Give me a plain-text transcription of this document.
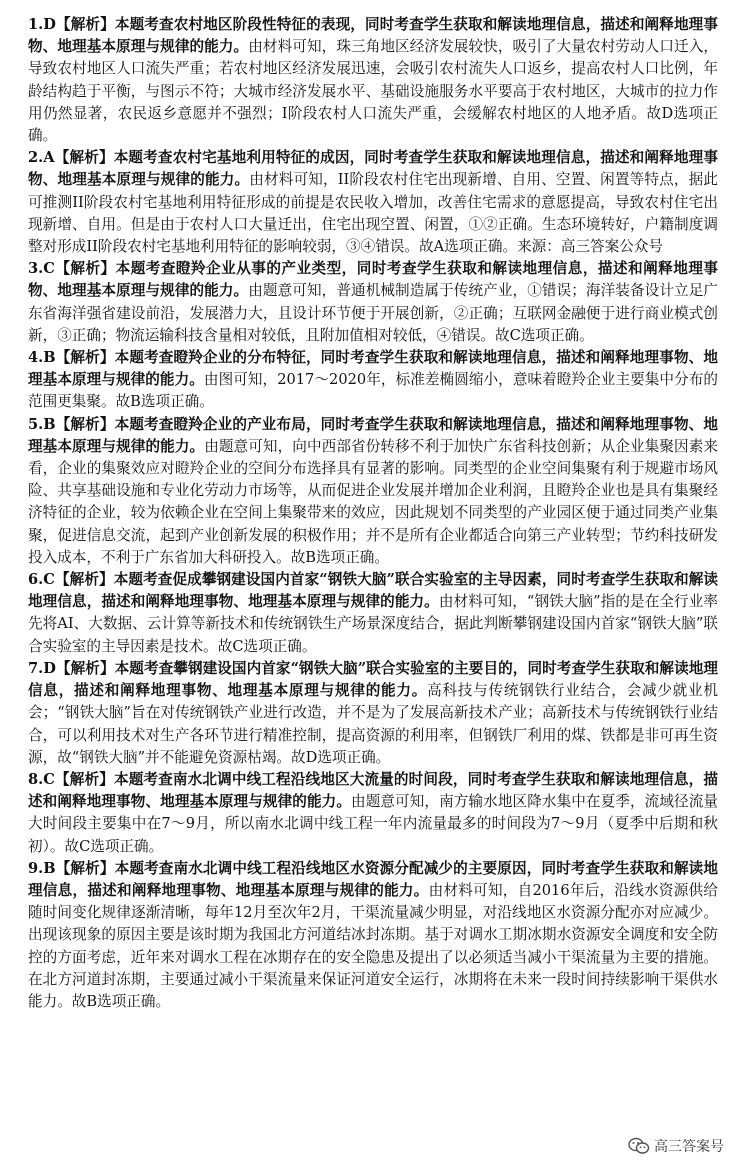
1.D【解析】本题考查农村地区阶段性特征的表现，同时考查学生获取和解读地理信息，描述和阐释地理事物、地理基本原理与规律的能力。由材料可知，珠三角地区经济发展较快，吸引了大量农村劳动人口迁入，导致农村地区人口流失严重；若农村地区经济发展迅速，会吸引农村流失人口返乡，提高农村人口比例，年龄结构趋于平衡，与图示不符；大城市经济发展水平、基础设施服务水平要高于农村地区，大城市的拉力作用仍然显著，农民返乡意愿并不强烈；I阶段农村人口流失严重，会缓解农村地区的人地矛盾。故D选项正确。

2.A【解析】本题考查农村宅基地利用特征的成因，同时考查学生获取和解读地理信息，描述和阐释地理事物、地理基本原理与规律的能力。由材料可知，II阶段农村住宅出现新增、自用、空置、闲置等特点，据此可推测II阶段农村宅基地利用特征形成的前提是农民收入增加，改善住宅需求的意愿提高，导致农村住宅出现新增、自用。但是由于农村人口大量迁出，住宅出现空置、闲置，①②正确。生态环境转好，户籍制度调整对形成II阶段农村宅基地利用特征的影响较弱，③④错误。故A选项正确。来源：高三答案公众号

3.C【解析】本题考查瞪羚企业从事的产业类型，同时考查学生获取和解读地理信息，描述和阐释地理事物、地理基本原理与规律的能力。由题意可知，普通机械制造属于传统产业，①错误；海洋装备设计立足广东省海洋强省建设前沿，发展潜力大，且设计环节便于开展创新，②正确；互联网金融便于进行商业模式创新，③正确；物流运输科技含量相对较低，且附加值相对较低，④错误。故C选项正确。

4.B【解析】本题考查瞪羚企业的分布特征，同时考查学生获取和解读地理信息，描述和阐释地理事物、地理基本原理与规律的能力。由图可知，2017～2020年，标准差椭圆缩小，意味着瞪羚企业主要集中分布的范围更集聚。故B选项正确。

5.B【解析】本题考查瞪羚企业的产业布局，同时考查学生获取和解读地理信息，描述和阐释地理事物、地理基本原理与规律的能力。由题意可知，向中西部省份转移不利于加快广东省科技创新；从企业集聚因素来看，企业的集聚效应对瞪羚企业的空间分布选择具有显著的影响。同类型的企业空间集聚有利于规避市场风险、共享基础设施和专业化劳动力市场等，从而促进企业发展并增加企业利润，且瞪羚企业也是具有集聚经济特征的企业，较为依赖企业在空间上集聚带来的效应，因此规划不同类型的产业园区便于通过同类产业集聚，促进信息交流，起到产业创新发展的积极作用；并不是所有企业都适合向第三产业转型；节约科技研发投入成本，不利于广东省加大科研投入。故B选项正确。

6.C【解析】本题考查促成攀钢建设国内首家“钢铁大脑”联合实验室的主导因素，同时考查学生获取和解读地理信息，描述和阐释地理事物、地理基本原理与规律的能力。由材料可知，“钢铁大脑”指的是在全行业率先将AI、大数据、云计算等新技术和传统钢铁生产场景深度结合，据此判断攀钢建设国内首家“钢铁大脑”联合实验室的主导因素是技术。故C选项正确。

7.D【解析】本题考查攀钢建设国内首家“钢铁大脑”联合实验室的主要目的，同时考查学生获取和解读地理信息，描述和阐释地理事物、地理基本原理与规律的能力。高科技与传统钢铁行业结合，会减少就业机会；“钢铁大脑”旨在对传统钢铁产业进行改造，并不是为了发展高新技术产业；高新技术与传统钢铁行业结合，可以利用技术对生产各环节进行精准控制，提高资源的利用率，但钢铁厂利用的煤、铁都是非可再生资源，故“钢铁大脑”并不能避免资源枯竭。故D选项正确。

8.C【解析】本题考查南水北调中线工程沿线地区大流量的时间段，同时考查学生获取和解读地理信息，描述和阐释地理事物、地理基本原理与规律的能力。由题意可知，南方输水地区降水集中在夏季，流域径流量大时间段主要集中在7～9月，所以南水北调中线工程一年内流量最多的时间段为7～9月（夏季中后期和秋初）。故C选项正确。

9.B【解析】本题考查南水北调中线工程沿线地区水资源分配减少的主要原因，同时考查学生获取和解读地理信息，描述和阐释地理事物、地理基本原理与规律的能力。由材料可知，自2016年后，沿线水资源供给随时间变化规律逐渐清晰，每年12月至次年2月，干渠流量减少明显，对沿线地区水资源分配亦对应减少。出现该现象的原因主要是该时期为我国北方河道结冰封冻期。基于对调水工期冰期水资源安全调度和安全防控的方面考虑，近年来对调水工程在冰期存在的安全隐患及提出了以必须适当减小干渠流量为主要的措施。在北方河道封冻期，主要通过减小干渠流量来保证河道安全运行，冰期将在未来一段时间持续影响干渠供水能力。故B选项正确。

高三答案号
